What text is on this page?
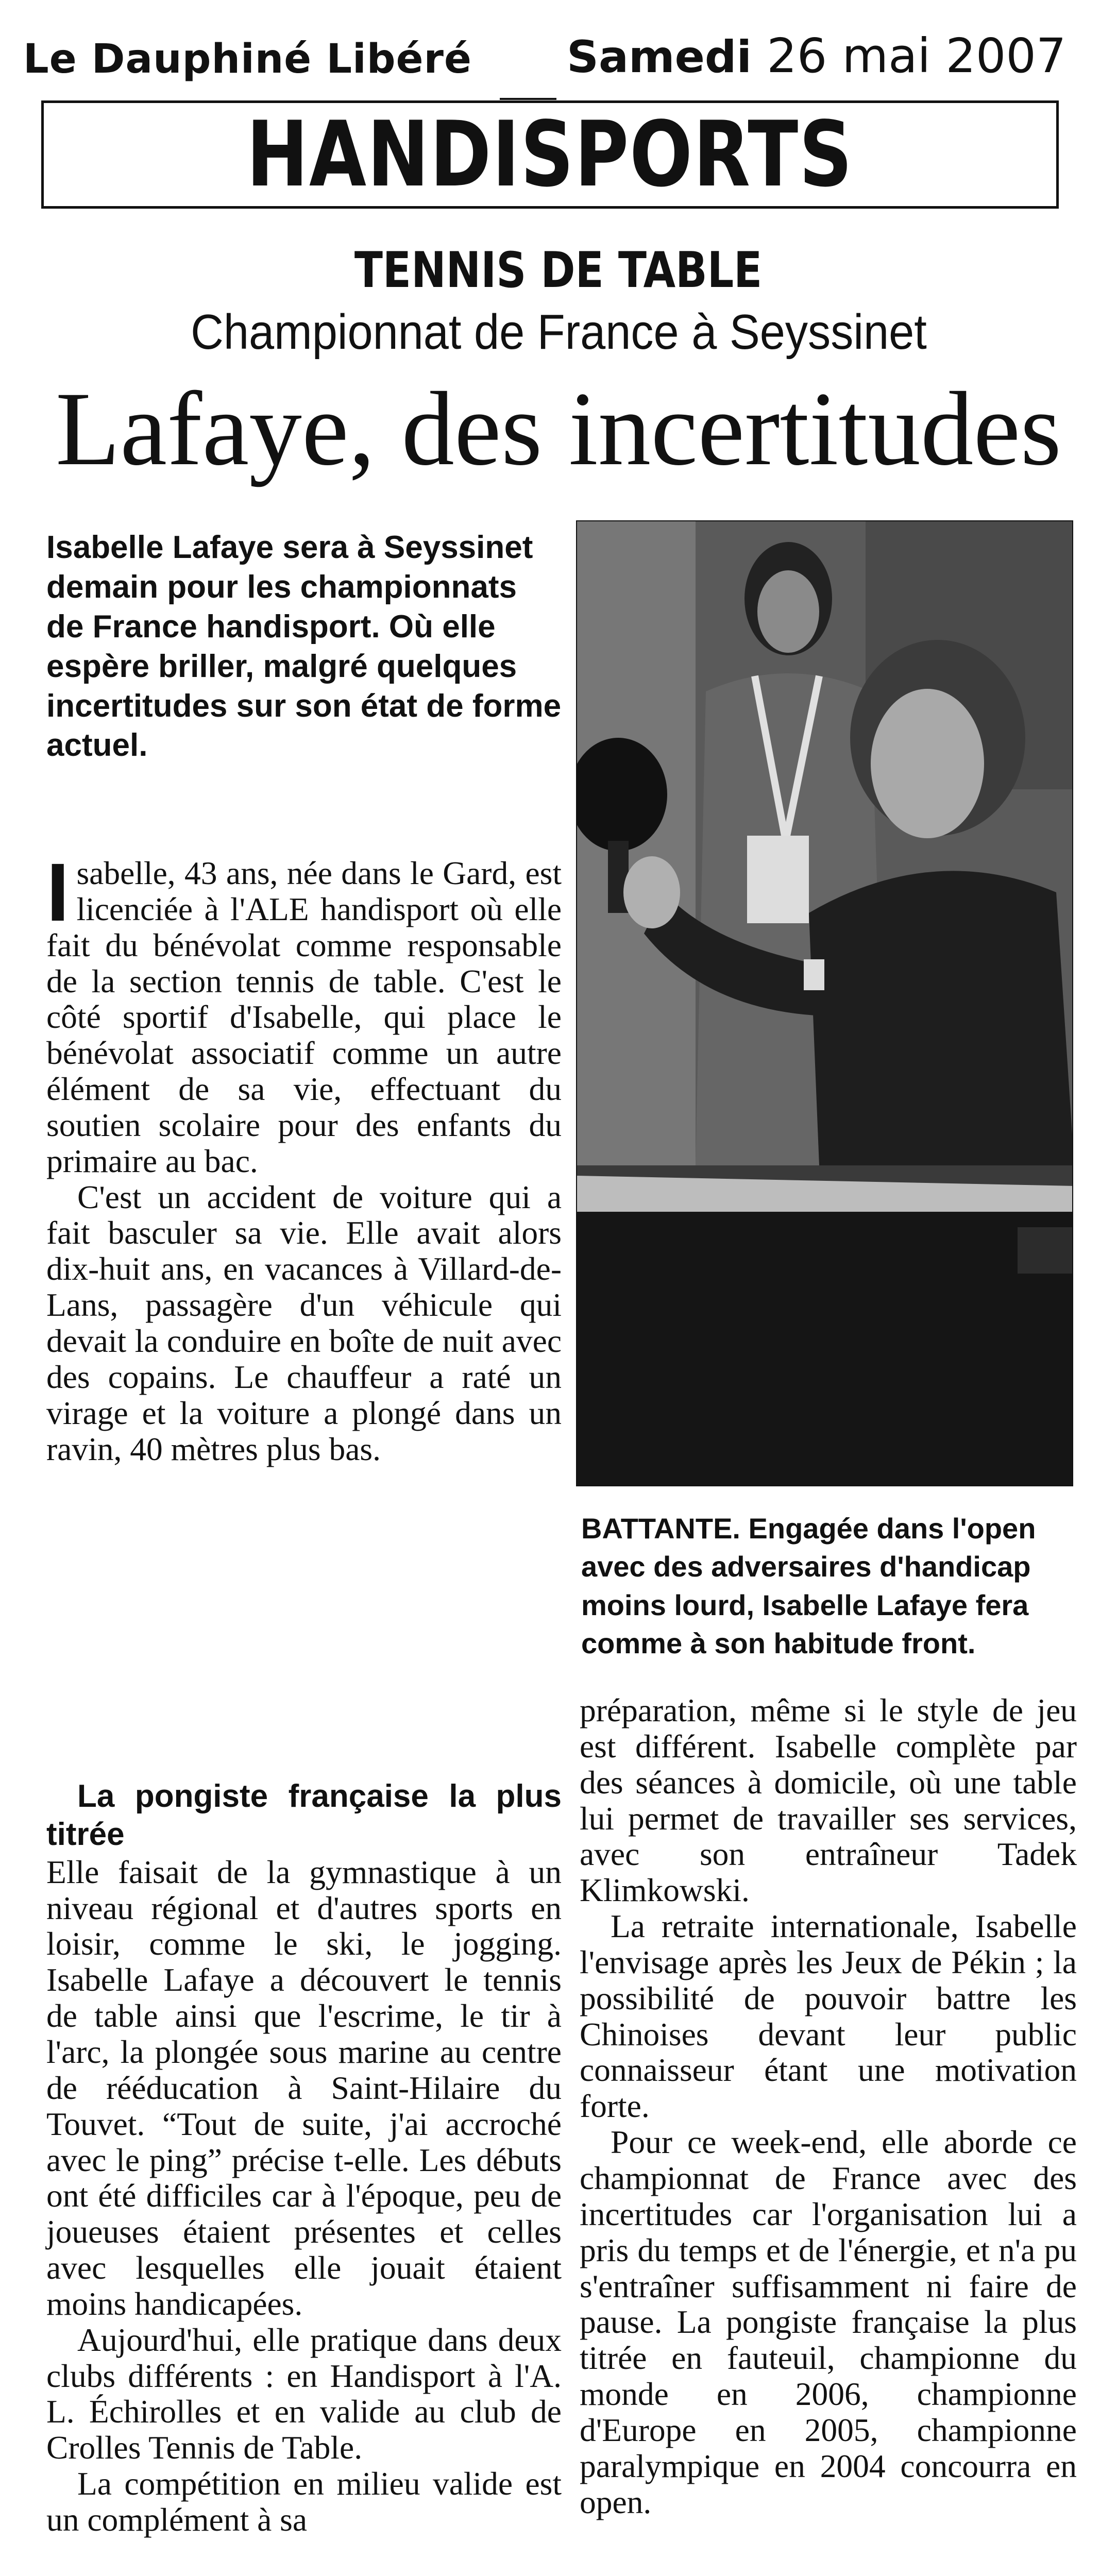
Le Dauphiné Libéré Samedi 26 mai 2007
HANDISPORTS
TENNIS DE TABLE
Championnat de France à Seyssinet
Lafaye, des incertitudes
Isabelle Lafaye sera à Seyssinet demain pour les championnats de France handisport. Où elle espère briller, malgré quelques incertitudes sur son état de forme actuel.

Isabelle, 43 ans, née dans le Gard, est licenciée à l'ALE handisport où elle fait du bénévolat comme responsable de la section tennis de table. C'est le côté sportif d'Isabelle, qui place le bénévolat associatif comme un autre élément de sa vie, effectuant du soutien scolaire pour des enfants du primaire au bac.

C'est un accident de voiture qui a fait basculer sa vie. Elle avait alors dix-huit ans, en vacances à Villard-de-Lans, passagère d'un véhicule qui devait la conduire en boîte de nuit avec des copains. Le chauffeur a raté un virage et la voiture a plongé dans un ravin, 40 mètres plus bas.

La pongiste française la plus titrée

Elle faisait de la gymnastique à un niveau régional et d'autres sports en loisir, comme le ski, le jogging. Isabelle Lafaye a découvert le tennis de table ainsi que l'escrime, le tir à l'arc, la plongée sous marine au centre de rééducation à Saint-Hilaire du Touvet. “Tout de suite, j'ai accroché avec le ping” précise t-elle. Les débuts ont été difficiles car à l'époque, peu de joueuses étaient présentes et celles avec lesquelles elle jouait étaient moins handicapées.

Aujourd'hui, elle pratique dans deux clubs différents : en Handisport à l'A. L. Échirolles et en valide au club de Crolles Tennis de Table.

La compétition en milieu valide est un complément à sa

BATTANTE. Engagée dans l'open avec des adversaires d'handicap moins lourd, Isabelle Lafaye fera comme à son habitude front.

préparation, même si le style de jeu est différent. Isabelle complète par des séances à domicile, où une table lui permet de travailler ses services, avec son entraîneur Tadek Klimkowski.

La retraite internationale, Isabelle l'envisage après les Jeux de Pékin ; la possibilité de pouvoir battre les Chinoises devant leur public connaisseur étant une motivation forte.

Pour ce week-end, elle aborde ce championnat de France avec des incertitudes car l'organisation lui a pris du temps et de l'énergie, et n'a pu s'entraîner suffisamment ni faire de pause. La pongiste française la plus titrée en fauteuil, championne du monde en 2006, championne d'Europe en 2005, championne paralympique en 2004 concourra en open.
